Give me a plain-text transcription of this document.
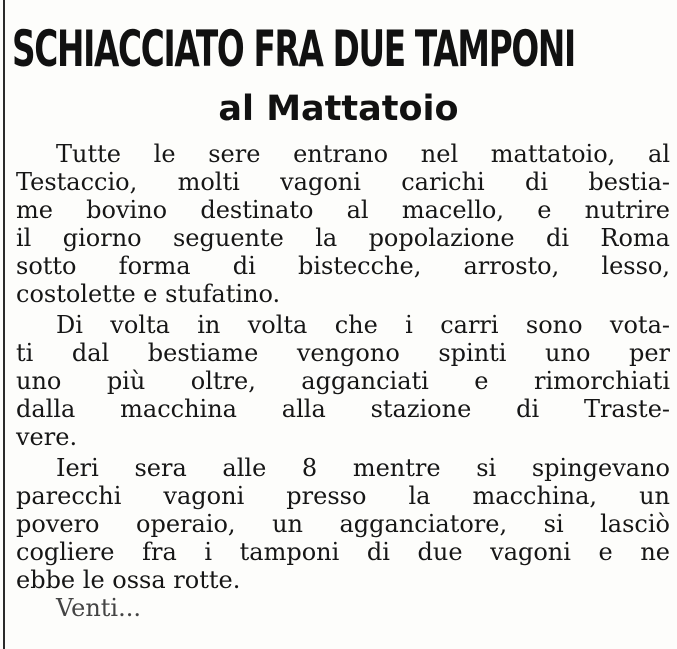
SCHIACCIATO FRA DUE TAMPONI
al Mattatoio
Tutte le sere entrano nel mattatoio, al
Testaccio, molti vagoni carichi di bestia-
me bovino destinato al macello, e nutrire
il giorno seguente la popolazione di Roma
sotto forma di bistecche, arrosto, lesso,
costolette e stufatino.
Di volta in volta che i carri sono vota-
ti dal bestiame vengono spinti uno per
uno più oltre, agganciati e rimorchiati
dalla macchina alla stazione di Traste-
vere.
Ieri sera alle 8 mentre si spingevano
parecchi vagoni presso la macchina, un
povero operaio, un agganciatore, si lasciò
cogliere fra i tamponi di due vagoni e ne
ebbe le ossa rotte.
Venti...
